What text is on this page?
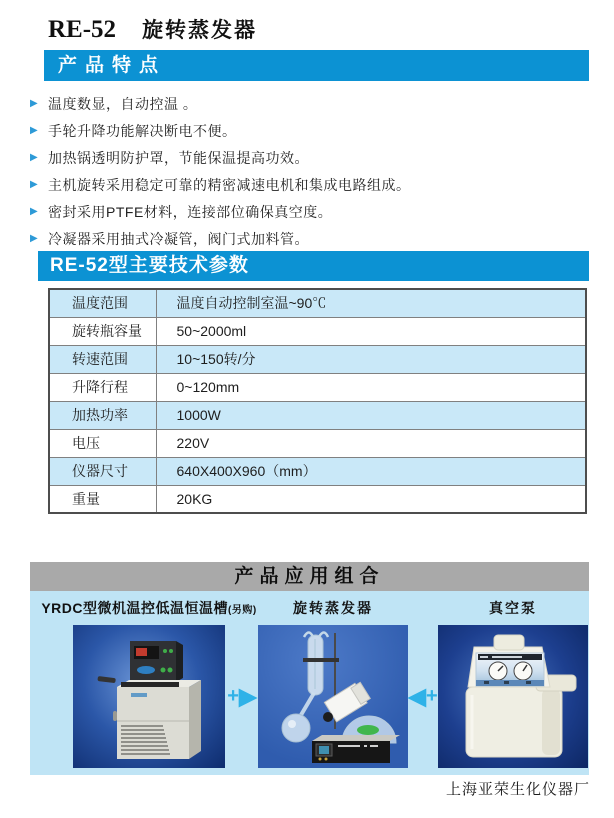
RE-52 旋转蒸发器
产品特点
▶ 温度数显，自动控温 。
▶ 手轮升降功能解决断电不便。
▶ 加热锅透明防护罩，节能保温提高功效。
▶ 主机旋转采用稳定可靠的精密减速电机和集成电路组成。
▶ 密封采用PTFE材料，连接部位确保真空度。
▶ 冷凝器采用抽式冷凝管，阀门式加料管。
RE-52型主要技术参数
温度范围	温度自动控制室温~90℃
旋转瓶容量	50~2000ml
转速范围	10~150转/分
升降行程	0~120mm
加热功率	1000W
电压	220V
仪器尺寸	640X400X960（mm）
重量	20KG
产品应用组合
YRDC型微机温控低温恒温槽(另购)	旋转蒸发器	真空泵
+▶	◀+
上海亚荣生化仪器厂
